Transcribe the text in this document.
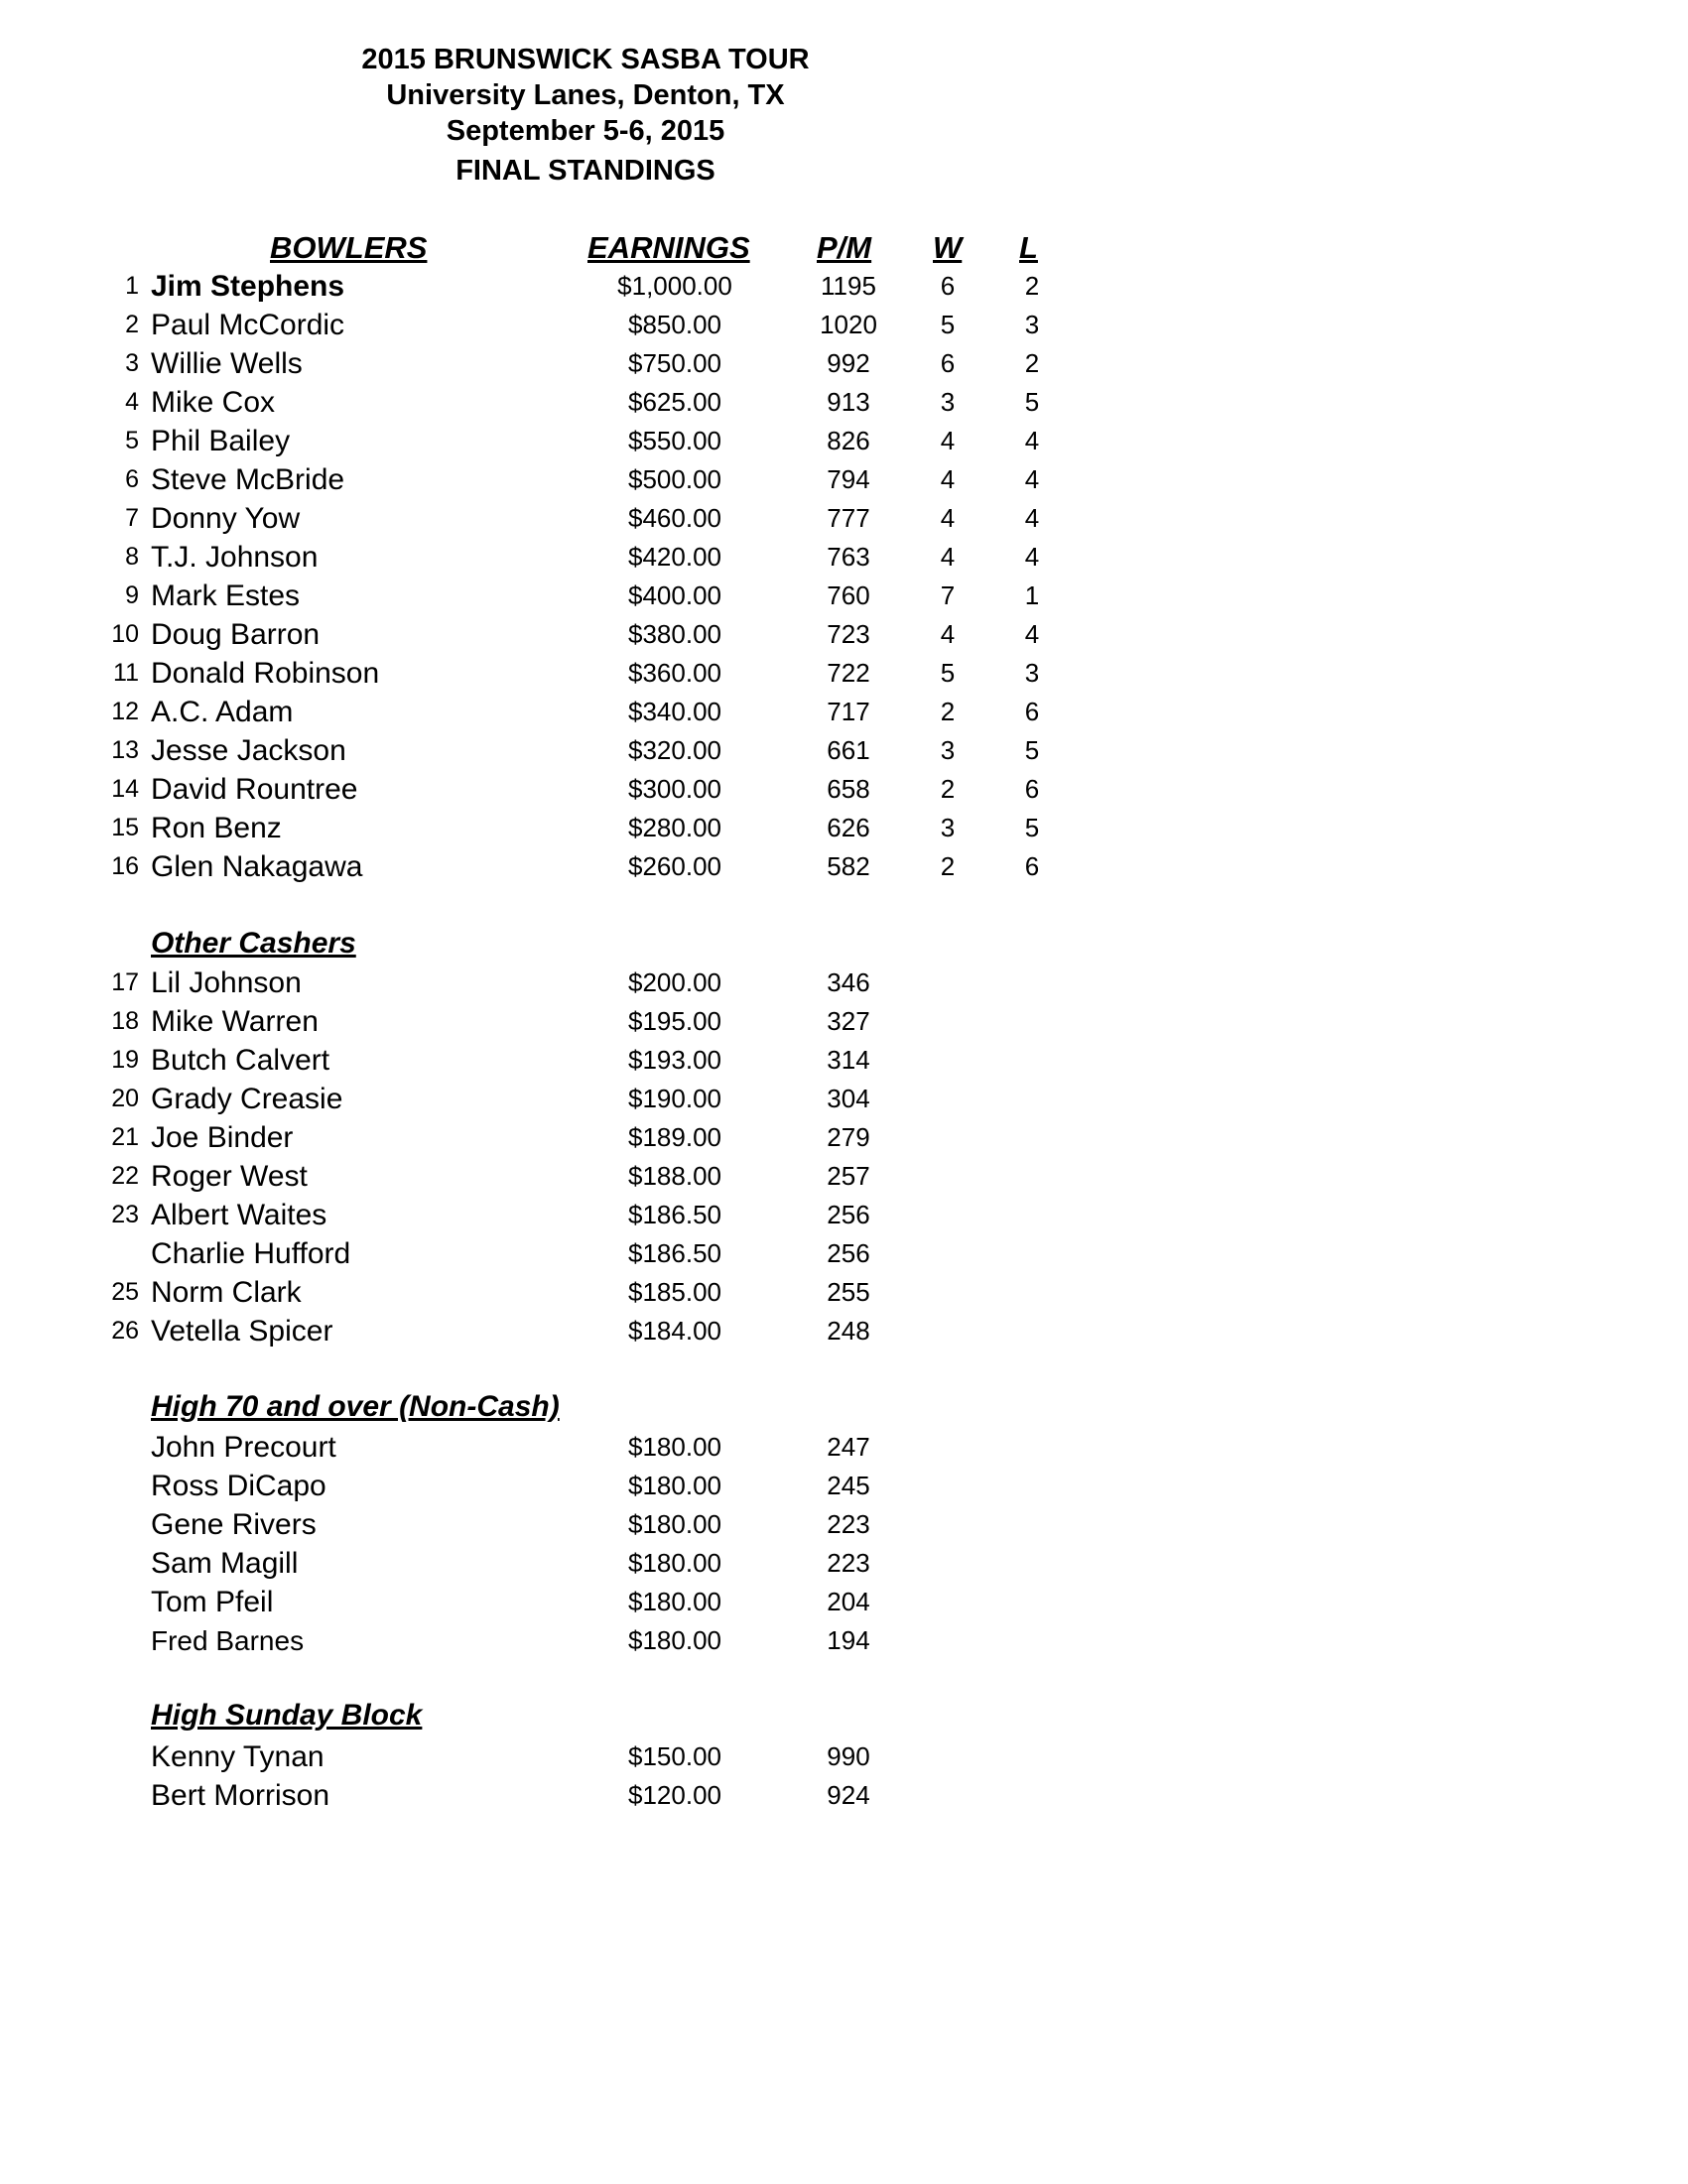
2015 BRUNSWICK SASBA TOUR
University Lanes, Denton, TX
September 5-6, 2015
FINAL STANDINGS
BOWLERS	EARNINGS P/M W L
1 Jim Stephens	$1,000.00	1195	6	2
2 Paul McCordic	$850.00	1020	5	3
3 Willie Wells	$750.00	992	6	2
4 Mike Cox	$625.00	913	3	5
5 Phil Bailey	$550.00	826	4	4
6 Steve McBride	$500.00	794	4	4
7 Donny Yow	$460.00	777	4	4
8 T.J. Johnson	$420.00	763	4	4
9 Mark Estes	$400.00	760	7	1
10 Doug Barron	$380.00	723	4	4
11 Donald Robinson	$360.00	722	5	3
12 A.C. Adam	$340.00	717	2	6
13 Jesse Jackson	$320.00	661	3	5
14 David Rountree	$300.00	658	2	6
15 Ron Benz	$280.00	626	3	5
16 Glen Nakagawa	$260.00	582	2	6
Other Cashers
17 Lil Johnson	$200.00	346
18 Mike Warren	$195.00	327
19 Butch Calvert	$193.00	314
20 Grady Creasie	$190.00	304
21 Joe Binder	$189.00	279
22 Roger West	$188.00	257
23 Albert Waites	$186.50	256
Charlie Hufford	$186.50	256
25 Norm Clark	$185.00	255
26 Vetella Spicer	$184.00	248
High 70 and over (Non-Cash)
John Precourt	$180.00	247
Ross DiCapo	$180.00	245
Gene Rivers	$180.00	223
Sam Magill	$180.00	223
Tom Pfeil	$180.00	204
Fred Barnes	$180.00	194
High Sunday Block
Kenny Tynan	$150.00	990
Bert Morrison	$120.00	924
